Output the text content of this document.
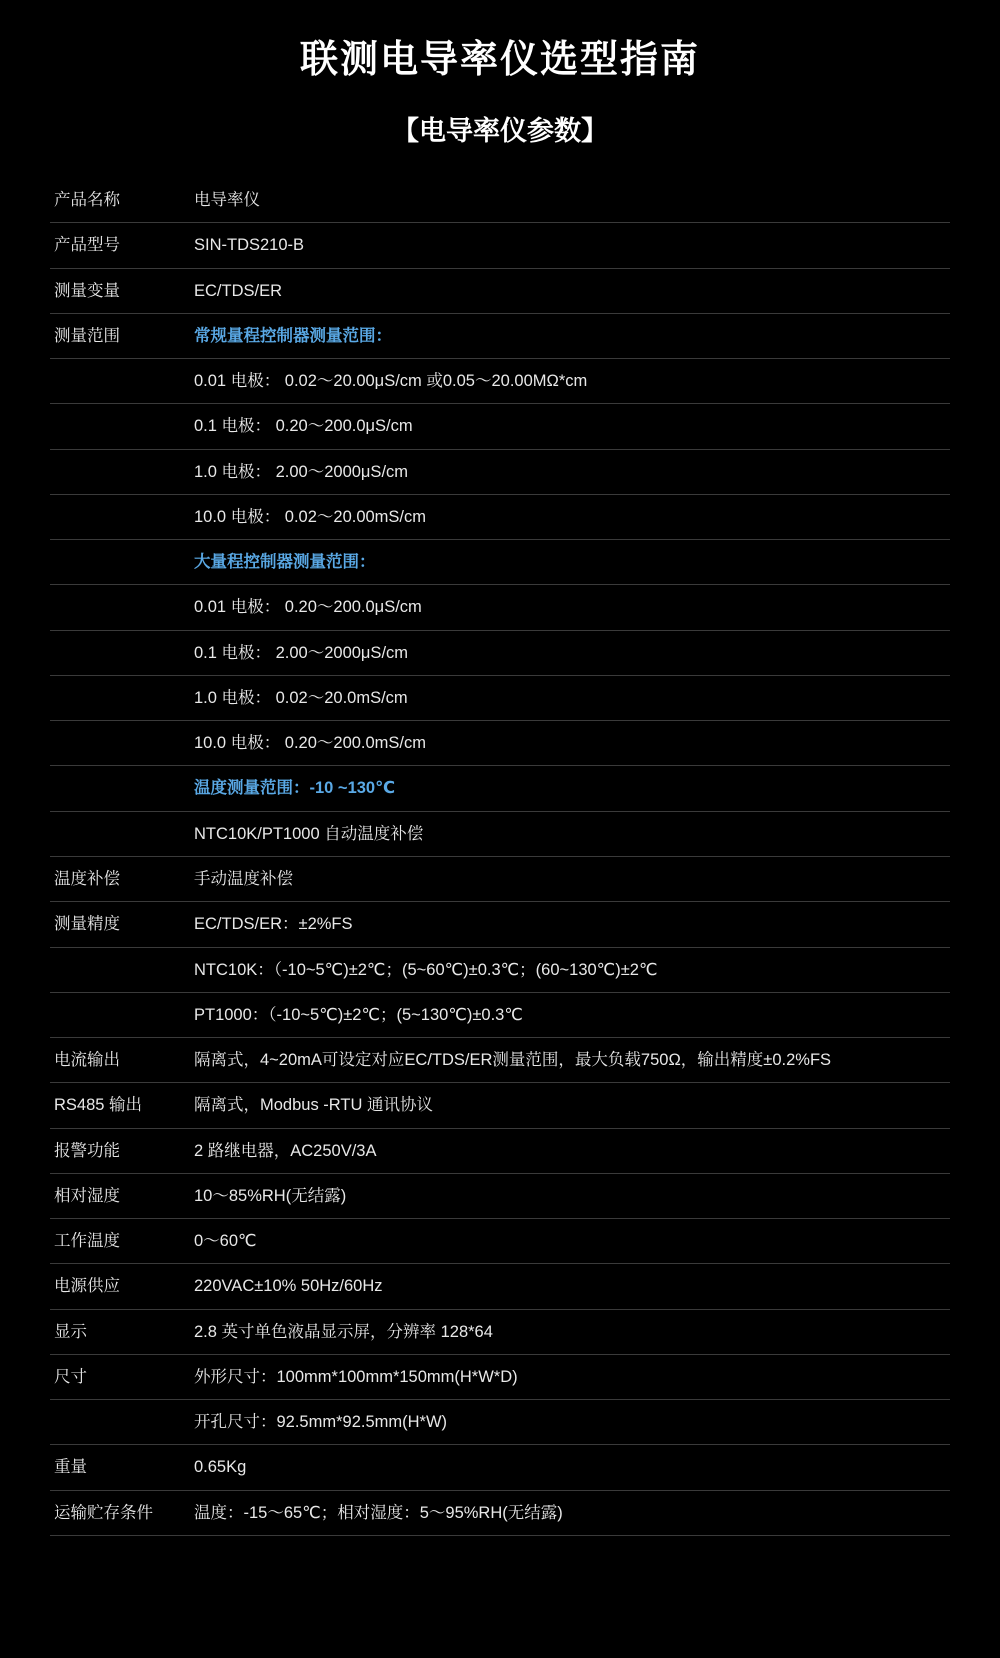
联测电导率仪选型指南
【电导率仪参数】
产品名称	电导率仪
产品型号	SIN-TDS210-B
测量变量	EC/TDS/ER
测量范围	常规量程控制器测量范围：
	0.01 电极： 0.02～20.00μS/cm 或0.05～20.00MΩ*cm
	0.1 电极： 0.20～200.0μS/cm
	1.0 电极： 2.00～2000μS/cm
	10.0 电极： 0.02～20.00mS/cm
	大量程控制器测量范围：
	0.01 电极： 0.20～200.0μS/cm
	0.1 电极： 2.00～2000μS/cm
	1.0 电极： 0.02～20.0mS/cm
	10.0 电极： 0.20～200.0mS/cm
	温度测量范围：-10 ~130℃
	NTC10K/PT1000 自动温度补偿
温度补偿	手动温度补偿
测量精度	EC/TDS/ER：±2%FS
	NTC10K：（-10~5℃)±2℃；(5~60℃)±0.3℃；(60~130℃)±2℃
	PT1000：（-10~5℃)±2℃；(5~130℃)±0.3℃
电流输出	隔离式，4~20mA可设定对应EC/TDS/ER测量范围，最大负载750Ω，输出精度±0.2%FS
RS485 输出	隔离式，Modbus -RTU 通讯协议
报警功能	2 路继电器，AC250V/3A
相对湿度	10～85%RH(无结露)
工作温度	0～60℃
电源供应	220VAC±10% 50Hz/60Hz
显示	2.8 英寸单色液晶显示屏，分辨率 128*64
尺寸	外形尺寸：100mm*100mm*150mm(H*W*D)
	开孔尺寸：92.5mm*92.5mm(H*W)
重量	0.65Kg
运输贮存条件	温度：-15～65℃；相对湿度：5～95%RH(无结露)
